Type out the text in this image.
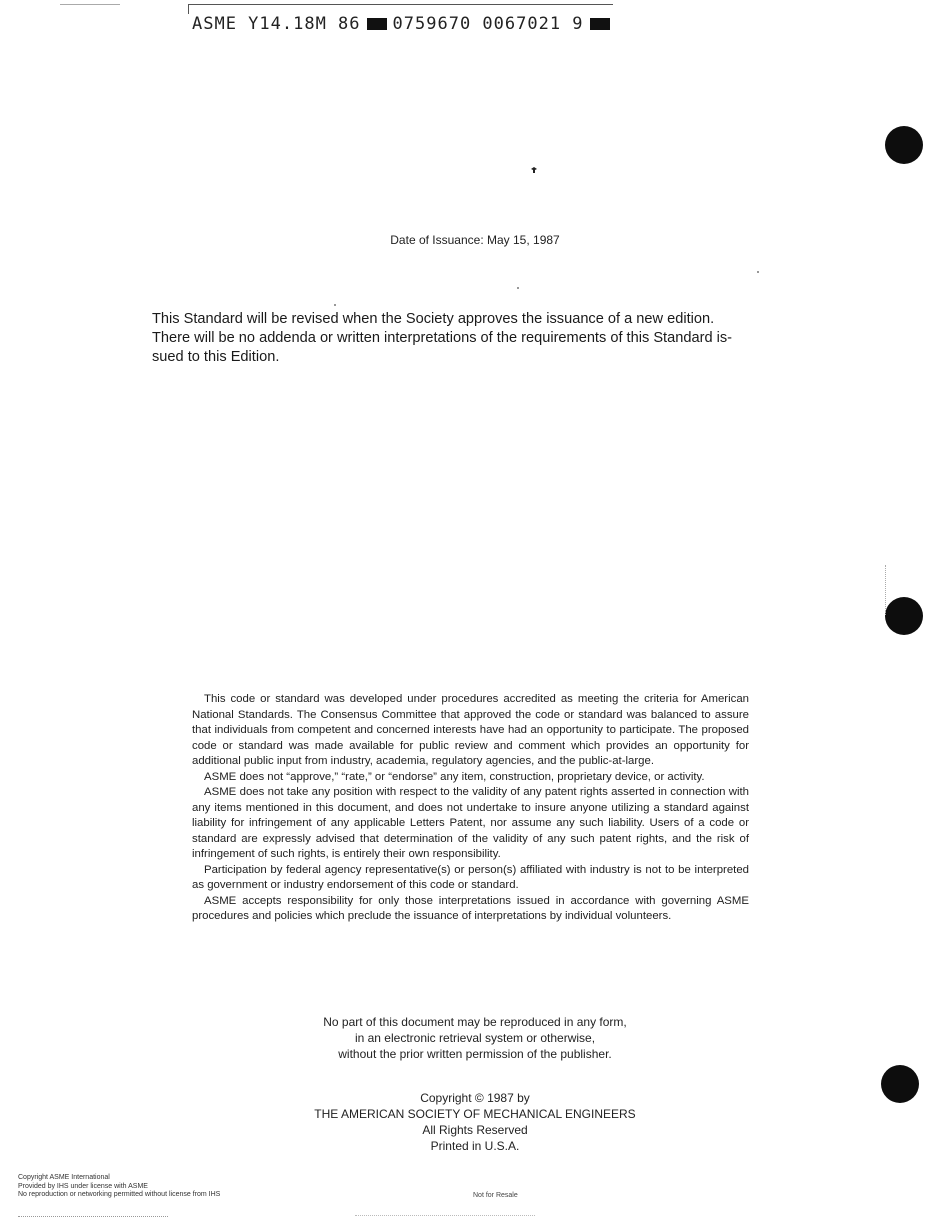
ASME Y14.18M 86 0759670 0067021 9
Date of Issuance: May 15, 1987
This Standard will be revised when the Society approves the issuance of a new edition.
There will be no addenda or written interpretations of the requirements of this Standard is-
sued to this Edition.

This code or standard was developed under procedures accredited as meeting the criteria for American National Standards. The Consensus Committee that approved the code or standard was balanced to assure that individuals from competent and concerned interests have had an opportunity to participate. The proposed code or standard was made available for public review and comment which provides an opportunity for additional public input from industry, academia, regulatory agencies, and the public-at-large.

ASME does not “approve,” “rate,” or “endorse” any item, construction, proprietary device, or activity.

ASME does not take any position with respect to the validity of any patent rights asserted in connection with any items mentioned in this document, and does not undertake to insure anyone utilizing a standard against liability for infringement of any applicable Letters Patent, nor assume any such liability. Users of a code or standard are expressly advised that determination of the validity of any such patent rights, and the risk of infringement of such rights, is entirely their own responsibility.

Participation by federal agency representative(s) or person(s) affiliated with industry is not to be interpreted as government or industry endorsement of this code or standard.

ASME accepts responsibility for only those interpretations issued in accordance with governing ASME procedures and policies which preclude the issuance of interpretations by individual volunteers.

No part of this document may be reproduced in any form,
in an electronic retrieval system or otherwise,
without the prior written permission of the publisher.
Copyright © 1987 by
THE AMERICAN SOCIETY OF MECHANICAL ENGINEERS
All Rights Reserved
Printed in U.S.A.
Copyright ASME International
Provided by IHS under license with ASME
No reproduction or networking permitted without license from IHS	Not for Resale
